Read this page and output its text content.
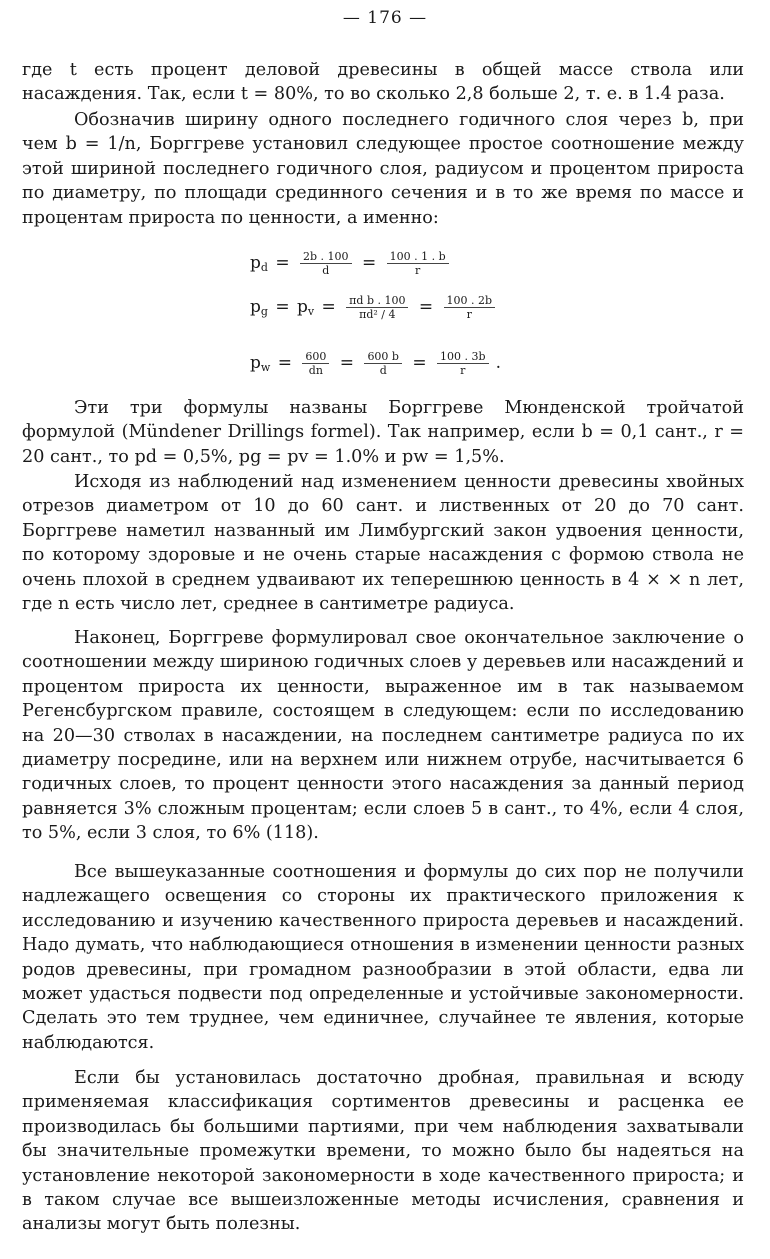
— 176 —

где t есть процент деловой древесины в общей массе ствола или насаждения. Так, если t = 80%, то во сколько 2,8 больше 2, т. е. в 1.4 раза.

Обозначив ширину одного последнего годичного слоя через b, при чем b = 1/n, Борггреве установил следующее простое соотношение между этой шириной последнего годичного слоя, радиусом и процентом прироста по диаметру, по площади срединного сечения и в то же время по массе и процентам прироста по ценности, а именно:

$p_d = \frac{2b . 100}{d} = \frac{100 . 1 . b}{r}$
$p_g = p_v = \frac{\text{πd b . 100}}{\text{πd² / 4}} = \frac{100 . 2b}{r}$
$p_w = \frac{600}{dn} = \frac{600 b}{d} = \frac{100 . 3b}{r}$ .

Эти три формулы названы Борггреве Мюнденской тройчатой формулой (Mündener Drillings formel). Так например, если b = 0,1 сант., r = 20 сант., то pd = 0,5%, pg = pv = 1.0% и pw = 1,5%.

Исходя из наблюдений над изменением ценности древесины хвойных отрезов диаметром от 10 до 60 сант. и лиственных от 20 до 70 сант. Борггреве наметил названный им Лимбургский закон удвоения ценности, по которому здоровые и не очень старые насаждения с формою ствола не очень плохой в среднем удваивают их теперешнюю ценность в 4 × × n лет, где n есть число лет, среднее в сантиметре радиуса.

Наконец, Борггреве формулировал свое окончательное заключение о соотношении между шириною годичных слоев у деревьев или насаждений и процентом прироста их ценности, выраженное им в так называемом Регенсбургском правиле, состоящем в следующем: если по исследованию на 20—30 стволах в насаждении, на последнем сантиметре радиуса по их диаметру посредине, или на верхнем или нижнем отрубе, насчитывается 6 годичных слоев, то процент ценности этого насаждения за данный период равняется 3% сложным процентам; если слоев 5 в сант., то 4%, если 4 слоя, то 5%, если 3 слоя, то 6% (118).

Все вышеуказанные соотношения и формулы до сих пор не получили надлежащего освещения со стороны их практического приложения к исследованию и изучению качественного прироста деревьев и насаждений. Надо думать, что наблюдающиеся отношения в изменении ценности разных родов древесины, при громадном разнообразии в этой области, едва ли может удасться подвести под определенные и устойчивые закономерности. Сделать это тем труднее, чем единичнее, случайнее те явления, которые наблюдаются.

Если бы установилась достаточно дробная, правильная и всюду применяемая классификация сортиментов древесины и расценка ее производилась бы большими партиями, при чем наблюдения захватывали бы значительные промежутки времени, то можно было бы надеяться на установление некоторой закономерности в ходе качественного прироста; и в таком случае все вышеизложенные методы исчисления, сравнения и анализы могут быть полезны.
